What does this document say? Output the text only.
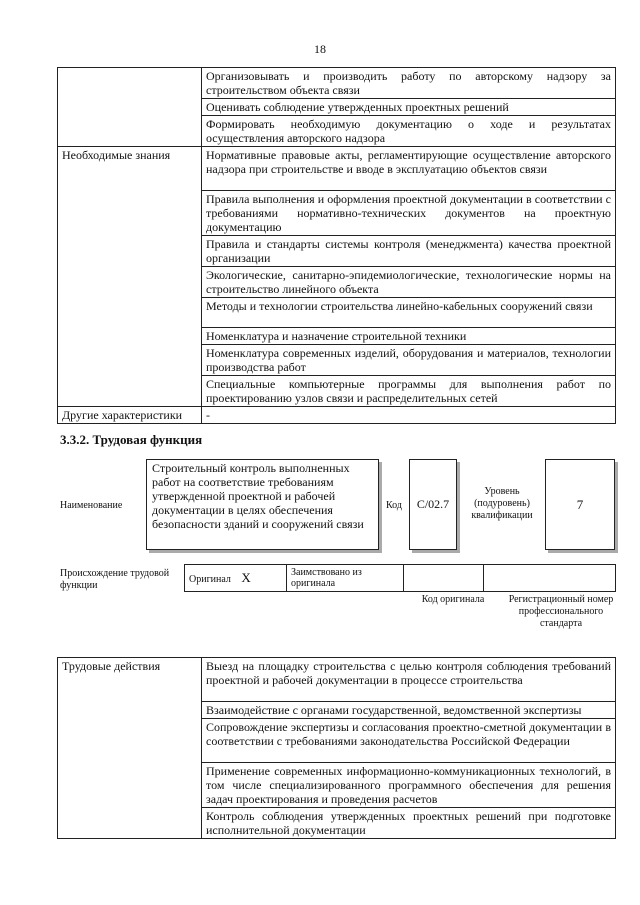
18
	Организовывать и производить работу по авторскому надзору за строительством объекта связи
	Оценивать соблюдение утвержденных проектных решений
	Формировать необходимую документацию о ходе и результатах осуществления авторского надзора
Необходимые знания	Нормативные правовые акты, регламентирующие осуществление авторского надзора при строительстве и вводе в эксплуатацию объектов связи
	Правила выполнения и оформления проектной документации в соответствии с требованиями нормативно-технических документов на проектную документацию
	Правила и стандарты системы контроля (менеджмента) качества проектной организации
	Экологические, санитарно-эпидемиологические, технологические нормы на строительство линейного объекта
	Методы и технологии строительства линейно-кабельных сооружений связи
	Номенклатура и назначение строительной техники
	Номенклатура современных изделий, оборудования и материалов, технологии производства работ
	Специальные компьютерные программы для выполнения работ по проектированию узлов связи и распределительных сетей
Другие характеристики	-
3.3.2. Трудовая функция
Наименование
Строительный контроль выполненных работ на соответствие требованиям утвержденной проектной и рабочей документации в целях обеспечения безопасности зданий и сооружений связи
Код	C/02.7
Уровень (подуровень) квалификации
7
Происхождение трудовой функции
Оригинал X	Заимствовано из оригинала		
Код оригинала	Регистрационный номер профессионального стандарта
Трудовые действия	Выезд на площадку строительства с целью контроля соблюдения требований проектной и рабочей документации в процессе строительства
Взаимодействие с органами государственной, ведомственной экспертизы
Сопровождение экспертизы и согласования проектно-сметной документации в соответствии с требованиями законодательства Российской Федерации
Применение современных информационно-коммуникационных технологий, в том числе специализированного программного обеспечения для решения задач проектирования и проведения расчетов
Контроль соблюдения утвержденных проектных решений при подготовке исполнительной документации
